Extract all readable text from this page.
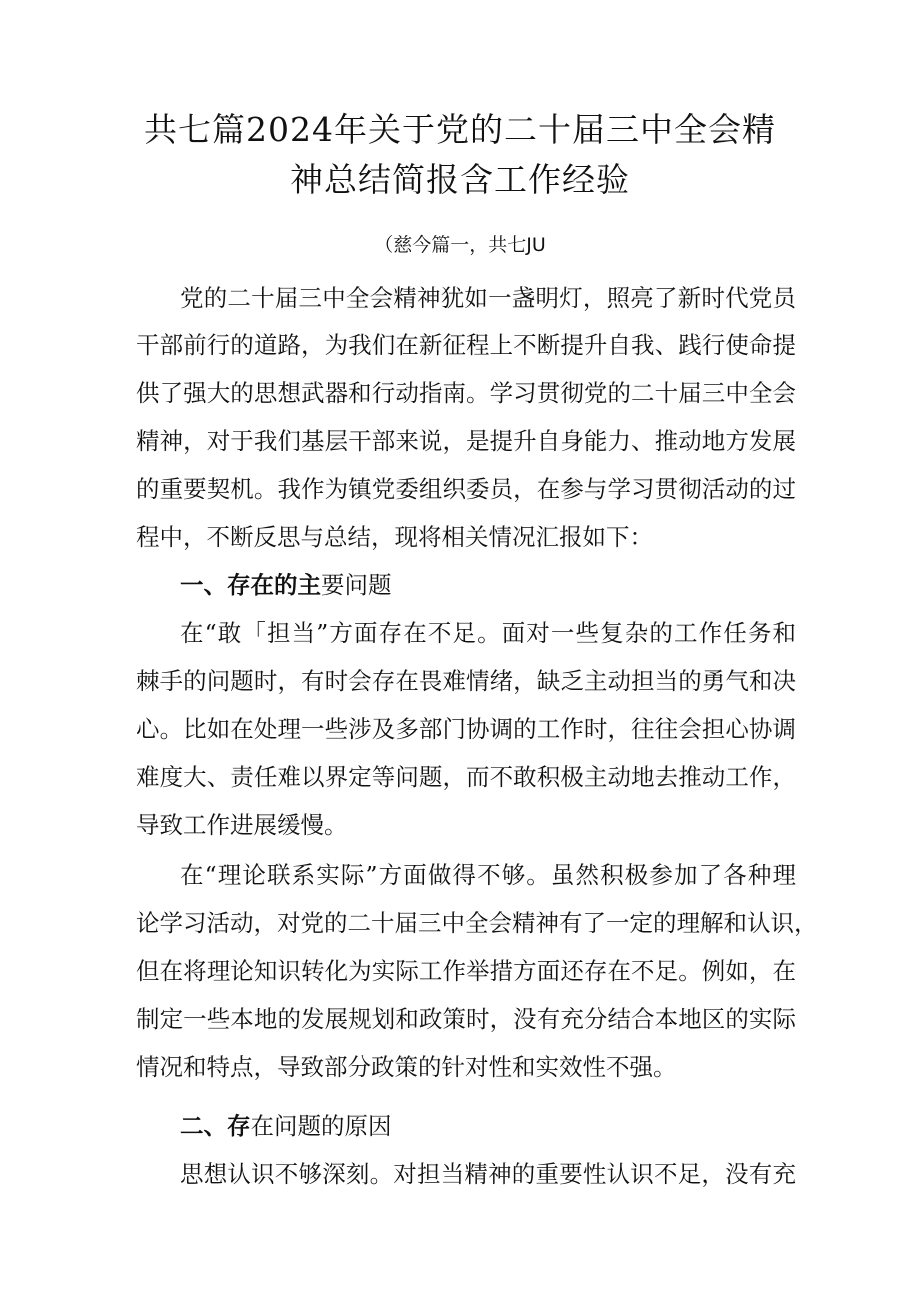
共七篇2024年关于党的二十届三中全会精
神总结简报含工作经验
（慈今篇一，共七JU
党的二十届三中全会精神犹如一盏明灯，照亮了新时代党员
干部前行的道路，为我们在新征程上不断提升自我、践行使命提
供了强大的思想武器和行动指南。学习贯彻党的二十届三中全会
精神，对于我们基层干部来说，是提升自身能力、推动地方发展
的重要契机。我作为镇党委组织委员，在参与学习贯彻活动的过
程中，不断反思与总结，现将相关情况汇报如下：
一、存在的主要问题
在“敢「担当”方面存在不足。面对一些复杂的工作任务和
棘手的问题时，有时会存在畏难情绪，缺乏主动担当的勇气和决
心。比如在处理一些涉及多部门协调的工作时，往往会担心协调
难度大、责任难以界定等问题，而不敢积极主动地去推动工作，
导致工作进展缓慢。
在“理论联系实际”方面做得不够。虽然积极参加了各种理
论学习活动，对党的二十届三中全会精神有了一定的理解和认识，
但在将理论知识转化为实际工作举措方面还存在不足。例如，在
制定一些本地的发展规划和政策时，没有充分结合本地区的实际
情况和特点，导致部分政策的针对性和实效性不强。
二、存在问题的原因
思想认识不够深刻。对担当精神的重要性认识不足，没有充
